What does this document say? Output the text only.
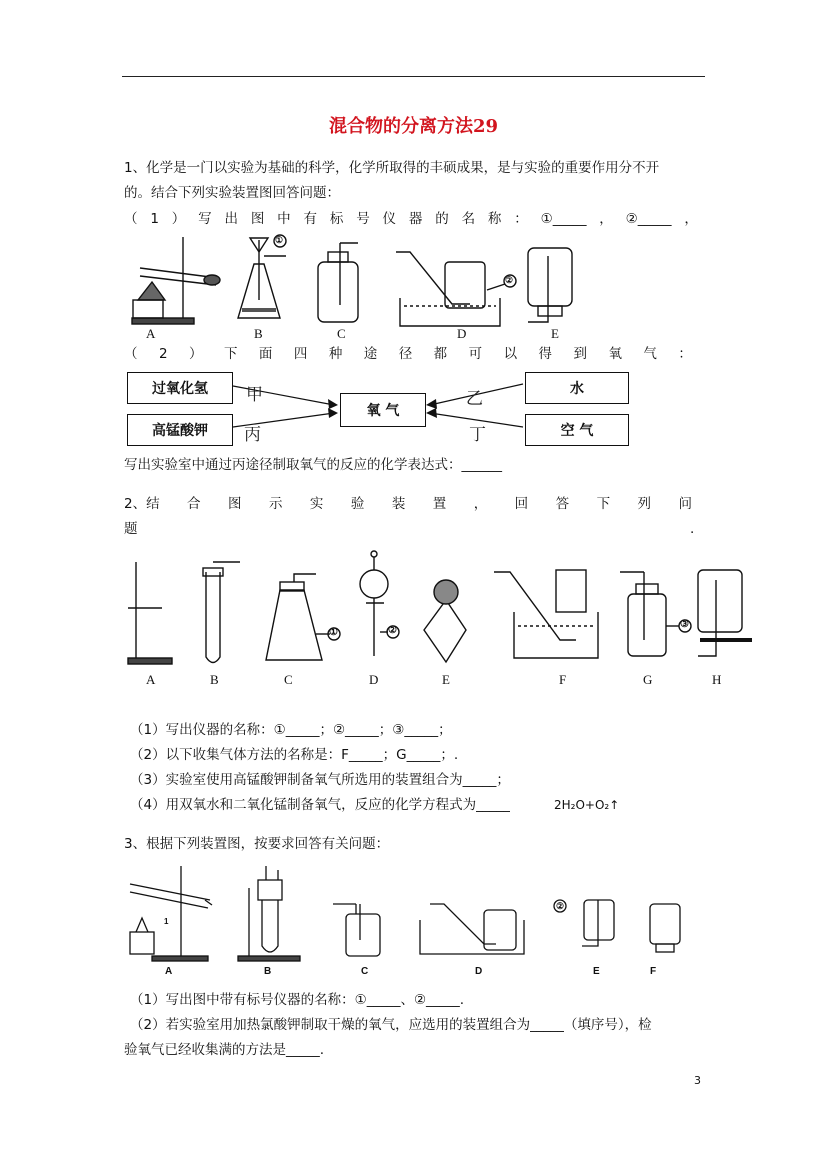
混合物的分离方法29
1、化学是一门以实验为基础的科学，化学所取得的丰硕成果，是与实验的重要作用分不开
的。结合下列实验装置图回答问题：
（ 1 ） 写 出 图 中 有 标 号 仪 器 的 名 称 ： ①_____ ， ②_____ ，
A	B	C	D	E
①
②
（ 2 ） 下 面 四 种 途 径 都 可 以 得 到 氧 气 ：
过氧化氢
高锰酸钾
氧 气
水
空 气
甲	乙
丙	丁
写出实验室中通过丙途径制取氧气的反应的化学表达式：______
2、结 合 图 示 实 验 装 置 ， 回 答 下 列 问
题	.
A	B	C	D	E	F	G	H
①	②
③
（1）写出仪器的名称：①_____；②_____；③_____；
（2）以下收集气体方法的名称是：F_____；G_____；.
（3）实验室使用高锰酸钾制备氧气所选用的装置组合为_____；
（4）用双氧水和二氧化锰制备氧气，反应的化学方程式为_____	2H₂O+O₂↑
3、根据下列装置图，按要求回答有关问题：
A	B	C	D	E	F
1
②
（1）写出图中带有标号仪器的名称：①_____、②_____.
（2）若实验室用加热氯酸钾制取干燥的氧气，应选用的装置组合为_____（填序号），检
验氧气已经收集满的方法是_____.
3
